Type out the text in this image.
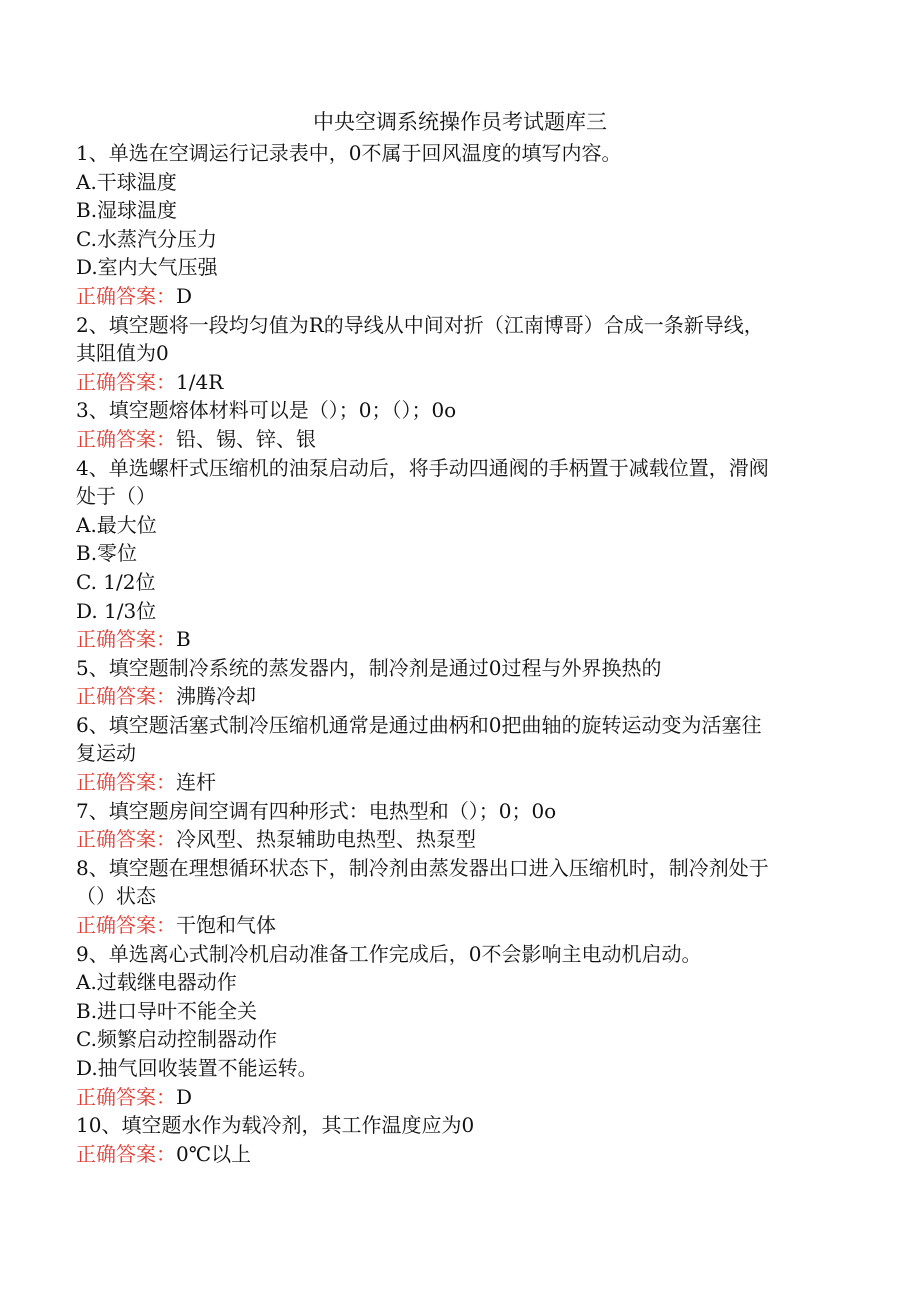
中央空调系统操作员考试题库三
1、单选在空调运行记录表中，0不属于回风温度的填写内容。
A.干球温度
B.湿球温度
C.水蒸汽分压力
D.室内大气压强
正确答案：D
2、填空题将一段均匀值为R的导线从中间对折（江南博哥）合成一条新导线，
其阻值为0
正确答案：1/4R
3、填空题熔体材料可以是（）；0；（）；0o
正确答案：铅、锡、锌、银
4、单选螺杆式压缩机的油泵启动后，将手动四通阀的手柄置于减载位置，滑阀
处于（）
A.最大位
B.零位
C. 1/2位
D. 1/3位
正确答案：B
5、填空题制冷系统的蒸发器内，制冷剂是通过0过程与外界换热的
正确答案：沸腾冷却
6、填空题活塞式制冷压缩机通常是通过曲柄和0把曲轴的旋转运动变为活塞往
复运动
正确答案：连杆
7、填空题房间空调有四种形式：电热型和（）；0；0o
正确答案：冷风型、热泵辅助电热型、热泵型
8、填空题在理想循环状态下，制冷剂由蒸发器出口进入压缩机时，制冷剂处于
（）状态
正确答案：干饱和气体
9、单选离心式制冷机启动准备工作完成后，0不会影响主电动机启动。
A.过载继电器动作
B.进口导叶不能全关
C.频繁启动控制器动作
D.抽气回收装置不能运转。
正确答案：D
10、填空题水作为载冷剂，其工作温度应为0
正确答案：0℃以上
